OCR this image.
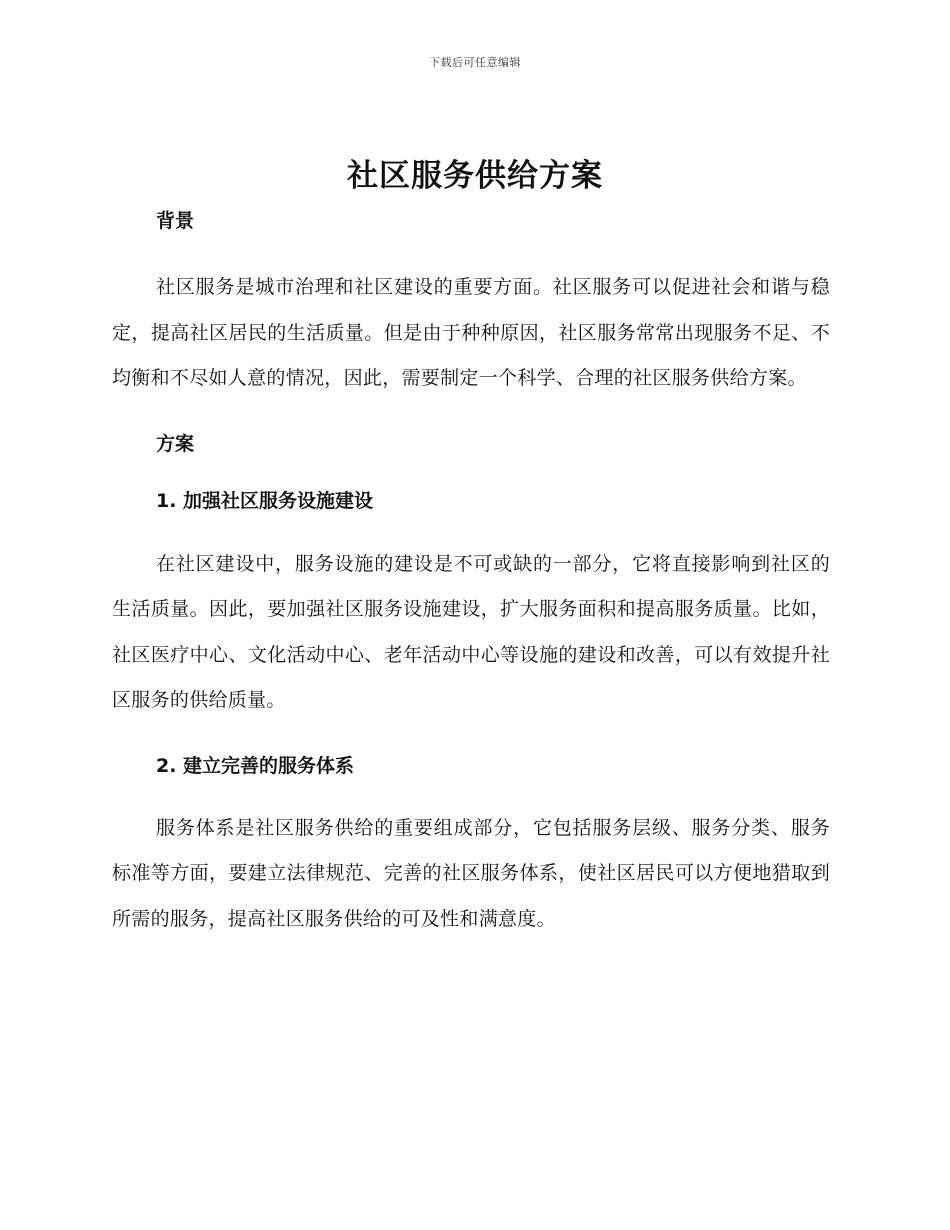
下载后可任意编辑
社区服务供给方案
背景

社区服务是城市治理和社区建设的重要方面。社区服务可以促进社会和谐与稳定，提高社区居民的生活质量。但是由于种种原因，社区服务常常出现服务不足、不均衡和不尽如人意的情况，因此，需要制定一个科学、合理的社区服务供给方案。

方案
1. 加强社区服务设施建设

在社区建设中，服务设施的建设是不可或缺的一部分，它将直接影响到社区的生活质量。因此，要加强社区服务设施建设，扩大服务面积和提高服务质量。比如，社区医疗中心、文化活动中心、老年活动中心等设施的建设和改善，可以有效提升社区服务的供给质量。

2. 建立完善的服务体系

服务体系是社区服务供给的重要组成部分，它包括服务层级、服务分类、服务标准等方面，要建立法律规范、完善的社区服务体系，使社区居民可以方便地猎取到所需的服务，提高社区服务供给的可及性和满意度。
